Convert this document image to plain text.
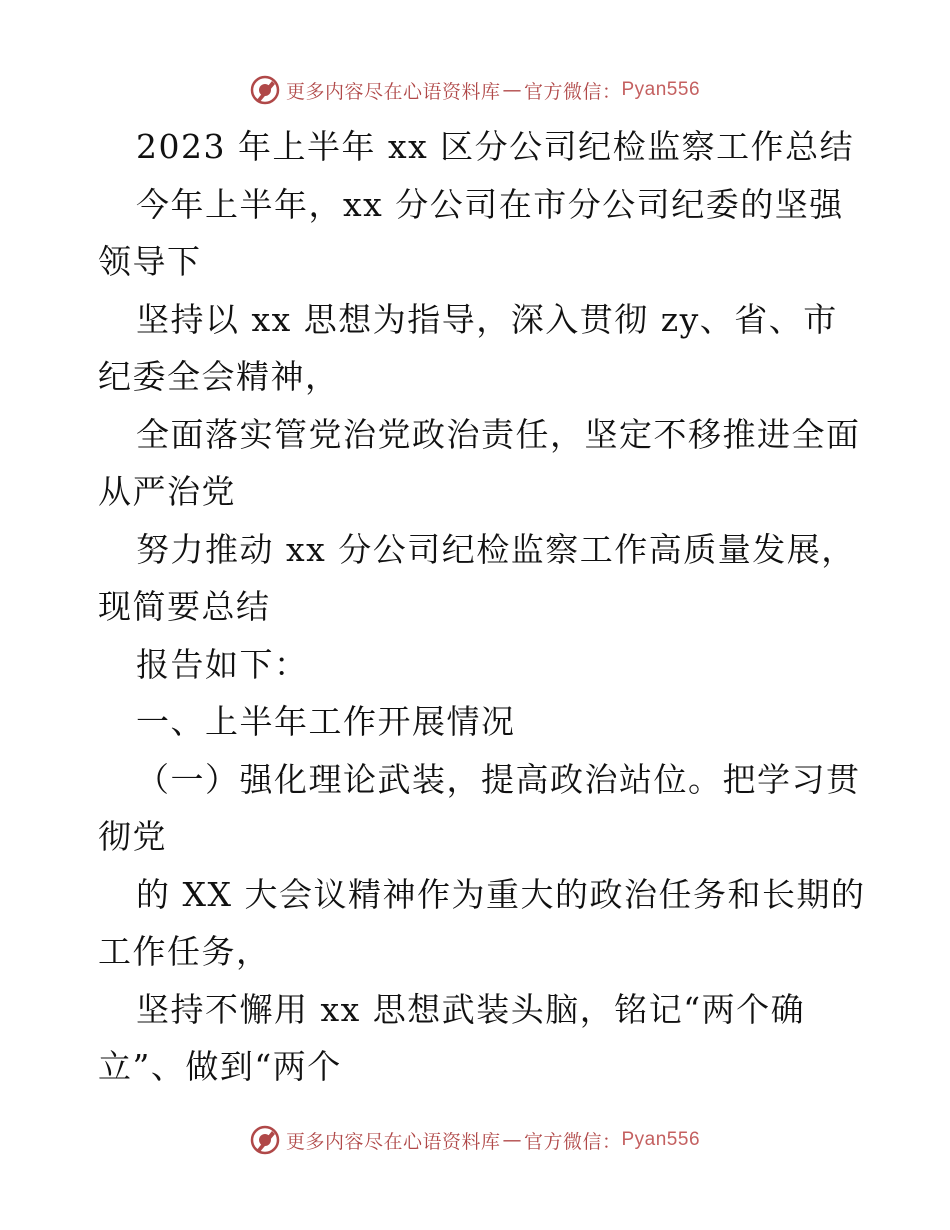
更多内容尽在心语资料库 — 官方微信： Pyan556
2023 年上半年 xx 区分公司纪检监察工作总结
今年上半年，xx 分公司在市分公司纪委的坚强
领导下
坚持以 xx 思想为指导，深入贯彻 zy、省、市
纪委全会精神，
全面落实管党治党政治责任，坚定不移推进全面
从严治党
努力推动 xx 分公司纪检监察工作高质量发展，
现简要总结
报告如下：
一、上半年工作开展情况
（一）强化理论武装，提高政治站位。把学习贯
彻党
的 XX 大会议精神作为重大的政治任务和长期的
工作任务，
坚持不懈用 xx 思想武装头脑，铭记“两个确
立”、做到“两个
更多内容尽在心语资料库 — 官方微信： Pyan556
